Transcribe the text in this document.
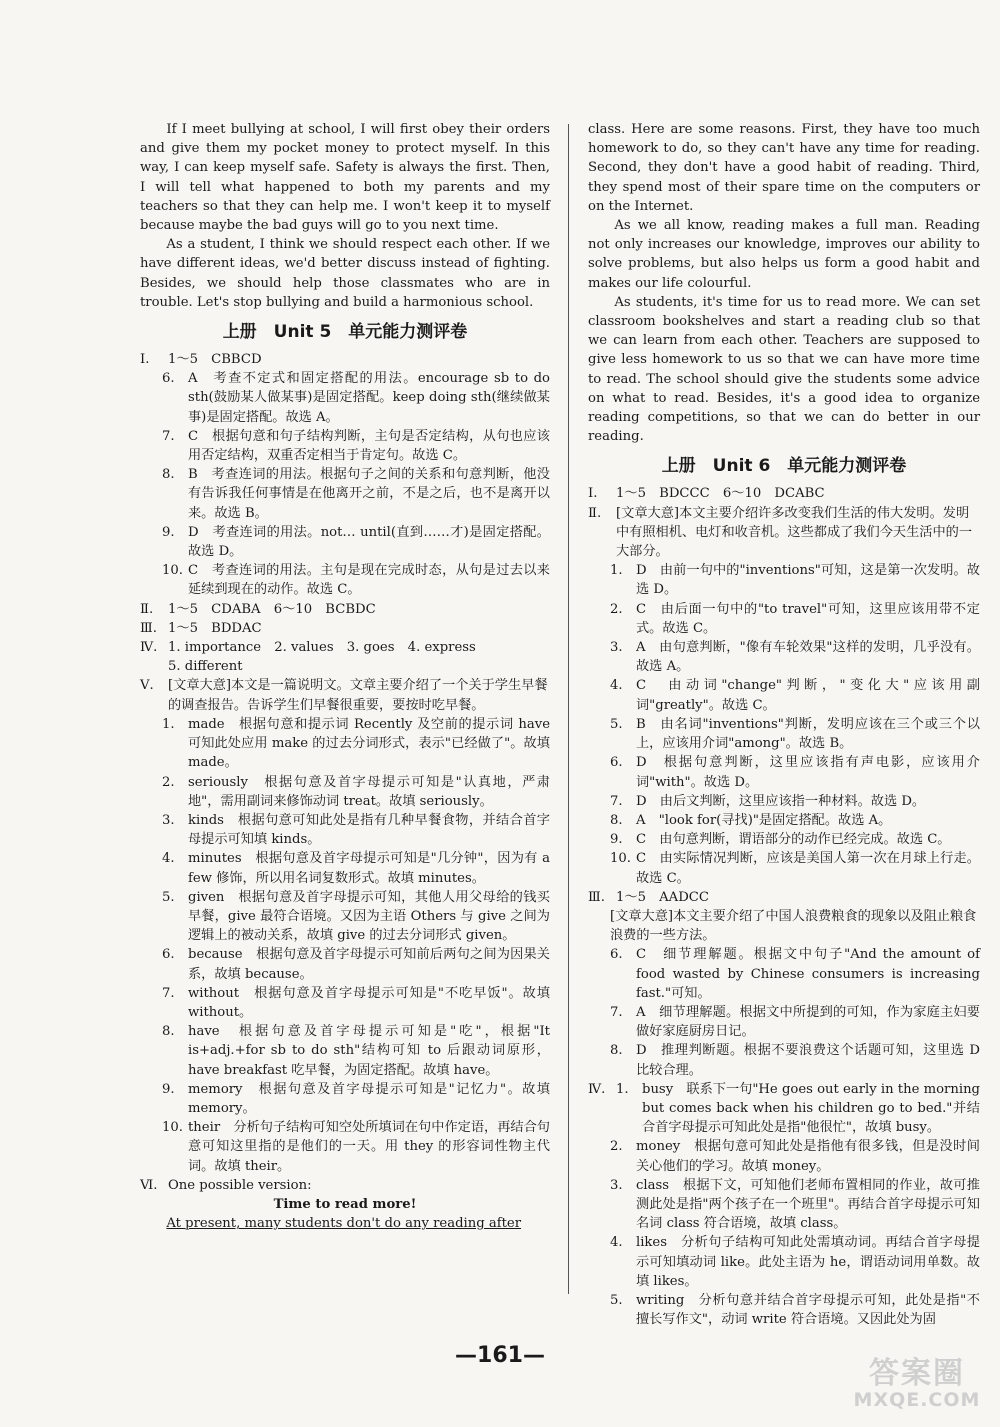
If I meet bullying at school, I will first obey their orders and give them my pocket money to protect myself. In this way, I can keep myself safe. Safety is always the first. Then, I will tell what happened to both my parents and my teachers so that they can help me. I won't keep it to myself because maybe the bad guys will go to you next time.

As a student, I think we should respect each other. If we have different ideas, we'd better discuss instead of fighting. Besides, we should help those classmates who are in trouble. Let's stop bullying and build a harmonious school.

上册　Unit 5　单元能力测评卷
Ⅰ.	1～5　CBBCD

6.	A　考查不定式和固定搭配的用法。encourage sb to do sth(鼓励某人做某事)是固定搭配。keep doing sth(继续做某事)是固定搭配。故选 A。
7.	C　根据句意和句子结构判断，主句是否定结构，从句也应该用否定结构，双重否定相当于肯定句。故选 C。
8.	B　考查连词的用法。根据句子之间的关系和句意判断，他没有告诉我任何事情是在他离开之前，不是之后，也不是离开以来。故选 B。
9.	D　考查连词的用法。not… until(直到……才)是固定搭配。故选 D。
10. C　考查连词的用法。主句是现在完成时态，从句是过去以来延续到现在的动作。故选 C。
Ⅱ.	1～5　CDABA　6～10　BCBDC

Ⅲ. 1～5　BDDAC

Ⅳ. 1. importance　2. values　3. goes　4. express

5. different

Ⅴ.	[文章大意]本文是一篇说明文。文章主要介绍了一个关于学生早餐的调查报告。告诉学生们早餐很重要，要按时吃早餐。

1.	made　根据句意和提示词 Recently 及空前的提示词 have 可知此处应用 make 的过去分词形式，表示"已经做了"。故填 made。
2.	seriously　根据句意及首字母提示可知是"认真地，严肃地"，需用副词来修饰动词 treat。故填 seriously。
3.	kinds　根据句意可知此处是指有几种早餐食物，并结合首字母提示可知填 kinds。
4.	minutes　根据句意及首字母提示可知是"几分钟"，因为有 a few 修饰，所以用名词复数形式。故填 minutes。
5.	given　根据句意及首字母提示可知，其他人用父母给的钱买早餐，give 最符合语境。又因为主语 Others 与 give 之间为逻辑上的被动关系，故填 give 的过去分词形式 given。
6.	because　根据句意及首字母提示可知前后两句之间为因果关系，故填 because。
7.	without　根据句意及首字母提示可知是"不吃早饭"。故填 without。
8.	have　根据句意及首字母提示可知是"吃"，根据"It is+adj.+for sb to do sth"结构可知 to 后跟动词原形，have breakfast 吃早餐，为固定搭配。故填 have。
9.	memory　根据句意及首字母提示可知是"记忆力"。故填 memory。
10. their　分析句子结构可知空处所填词在句中作定语，再结合句意可知这里指的是他们的一天。用 they 的形容词性物主代词。故填 their。
Ⅵ. One possible version:

Time to read more!

At present, many students don't do any reading after

class. Here are some reasons. First, they have too much homework to do, so they can't have any time for reading. Second, they don't have a good habit of reading. Third, they spend most of their spare time on the computers or on the Internet.

As we all know, reading makes a full man. Reading not only increases our knowledge, improves our ability to solve problems, but also helps us form a good habit and makes our life colourful.

As students, it's time for us to read more. We can set classroom bookshelves and start a reading club so that we can learn from each other. Teachers are supposed to give less homework to us so that we can have more time to read. The school should give the students some advice on what to read. Besides, it's a good idea to organize reading competitions, so that we can do better in our reading.

上册　Unit 6　单元能力测评卷
Ⅰ.	1～5　BDCCC　6～10　DCABC

Ⅱ.	[文章大意]本文主要介绍许多改变我们生活的伟大发明。发明中有照相机、电灯和收音机。这些都成了我们今天生活中的一大部分。

1.	D　由前一句中的"inventions"可知，这是第一次发明。故选 D。
2.	C　由后面一句中的"to travel"可知，这里应该用带不定式。故选 C。
3.	A　由句意判断，"像有车轮效果"这样的发明，几乎没有。故选 A。
4.	C　由动词"change"判断，"变化大"应该用副词"greatly"。故选 C。
5.	B　由名词"inventions"判断，发明应该在三个或三个以上，应该用介词"among"。故选 B。
6.	D　根据句意判断，这里应该指有声电影，应该用介词"with"。故选 D。
7.	D　由后文判断，这里应该指一种材料。故选 D。
8.	A　"look for(寻找)"是固定搭配。故选 A。
9.	C　由句意判断，谓语部分的动作已经完成。故选 C。
10. C　由实际情况判断，应该是美国人第一次在月球上行走。故选 C。
Ⅲ. 1～5　AADCC

[文章大意]本文主要介绍了中国人浪费粮食的现象以及阻止粮食浪费的一些方法。

6.	C　细节理解题。根据文中句子"And the amount of food wasted by Chinese consumers is increasing fast."可知。
7.	A　细节理解题。根据文中所提到的可知，作为家庭主妇要做好家庭厨房日记。
8.	D　推理判断题。根据不要浪费这个话题可知，这里选 D 比较合理。
Ⅳ. 1.	busy　联系下一句"He goes out early in the morning but comes back when his children go to bed."并结合首字母提示可知此处是指"他很忙"，故填 busy。
2.	money　根据句意可知此处是指他有很多钱，但是没时间关心他们的学习。故填 money。
3.	class　根据下文，可知他们老师布置相同的作业，故可推测此处是指"两个孩子在一个班里"。再结合首字母提示可知名词 class 符合语境，故填 class。
4.	likes　分析句子结构可知此处需填动词。再结合首字母提示可知填动词 like。此处主语为 he，谓语动词用单数。故填 likes。
5.	writing　分析句意并结合首字母提示可知，此处是指"不擅长写作文"，动词 write 符合语境。又因此处为固
—161—
答案圈
MXQE.COM
